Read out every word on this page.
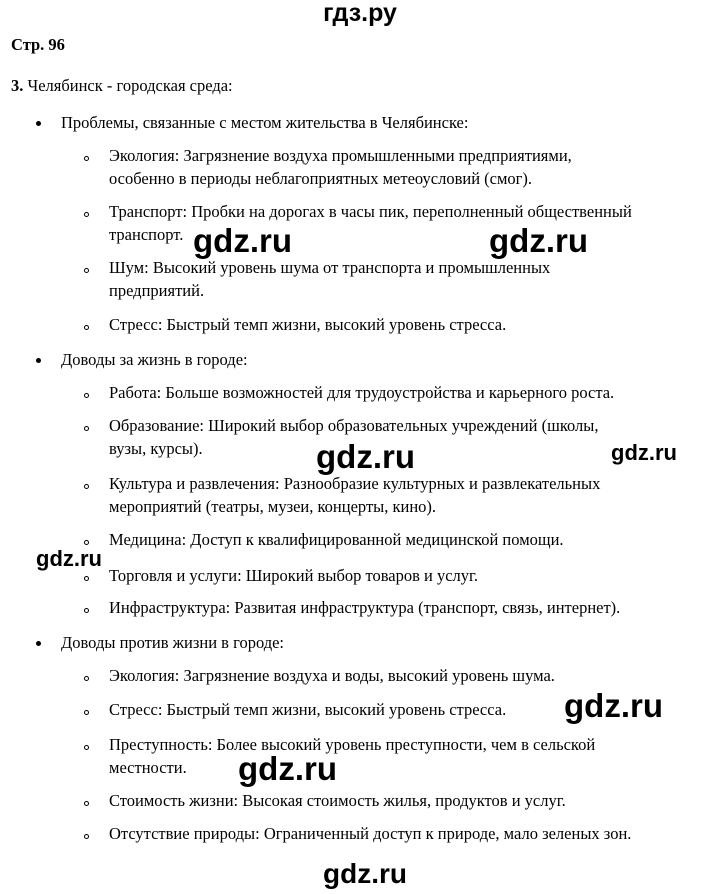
гдз.ру
Стр. 96
3. Челябинск - городская среда:
Проблемы, связанные с местом жительства в Челябинске:
Экология: Загрязнение воздуха промышленными предприятиями,
особенно в периоды неблагоприятных метеоусловий (смог).
Транспорт: Пробки на дорогах в часы пик, переполненный общественный
транспорт.
Шум: Высокий уровень шума от транспорта и промышленных
предприятий.
Стресс: Быстрый темп жизни, высокий уровень стресса.
Доводы за жизнь в городе:
Работа: Больше возможностей для трудоустройства и карьерного роста.
Образование: Широкий выбор образовательных учреждений (школы,
вузы, курсы).
Культура и развлечения: Разнообразие культурных и развлекательных
мероприятий (театры, музеи, концерты, кино).
Медицина: Доступ к квалифицированной медицинской помощи.
Торговля и услуги: Широкий выбор товаров и услуг.
Инфраструктура: Развитая инфраструктура (транспорт, связь, интернет).
Доводы против жизни в городе:
Экология: Загрязнение воздуха и воды, высокий уровень шума.
Стресс: Быстрый темп жизни, высокий уровень стресса.
Преступность: Более высокий уровень преступности, чем в сельской
местности.
Стоимость жизни: Высокая стоимость жилья, продуктов и услуг.
Отсутствие природы: Ограниченный доступ к природе, мало зеленых зон.
gdz.ru	gdz.ru
gdz.ru	gdz.ru
gdz.ru
gdz.ru
gdz.ru
gdz.ru
